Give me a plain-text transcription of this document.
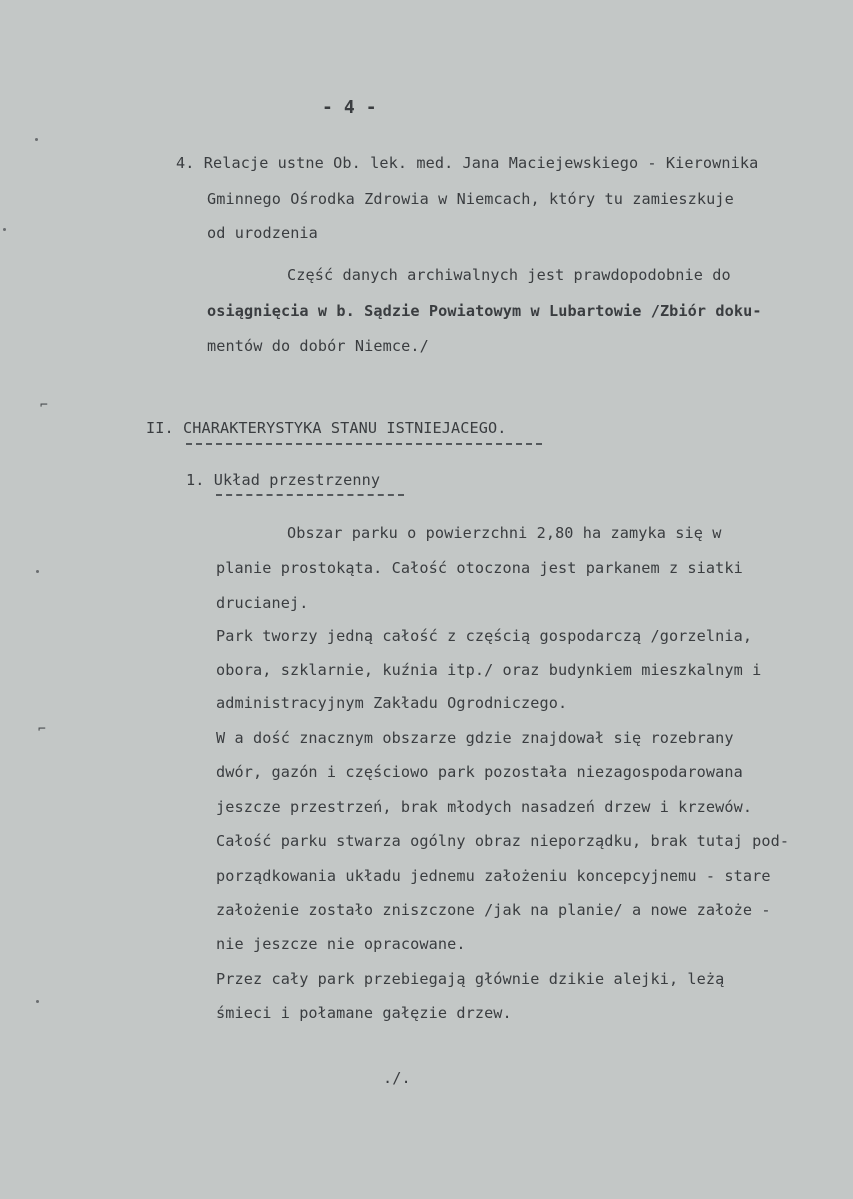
- 4 -
4. Relacje ustne Ob. lek. med. Jana Maciejewskiego - Kierownika
Gminnego Ośrodka Zdrowia w Niemcach, który tu zamieszkuje
od urodzenia
Część danych archiwalnych jest prawdopodobnie do
osiągnięcia w b. Sądzie Powiatowym w Lubartowie /Zbiór doku-
mentów do dobór Niemce./
II. CHARAKTERYSTYKA STANU ISTNIEJACEGO.
1. Układ przestrzenny
Obszar parku o powierzchni 2,80 ha zamyka się w
planie prostokąta. Całość otoczona jest parkanem z siatki
drucianej.
Park tworzy jedną całość z częścią gospodarczą /gorzelnia,
obora, szklarnie, kuźnia itp./ oraz budynkiem mieszkalnym i
administracyjnym Zakładu Ogrodniczego.
W a dość znacznym obszarze gdzie znajdował się rozebrany
dwór, gazón i częściowo park pozostała niezagospodarowana
jeszcze przestrzeń, brak młodych nasadzeń drzew i krzewów.
Całość parku stwarza ogólny obraz nieporządku, brak tutaj pod-
porządkowania układu jednemu założeniu koncepcyjnemu - stare
założenie zostało zniszczone /jak na planie/ a nowe założe -
nie jeszcze nie opracowane.
Przez cały park przebiegają głównie dzikie alejki, leżą
śmieci i połamane gałęzie drzew.
./.
⌐
⌐
